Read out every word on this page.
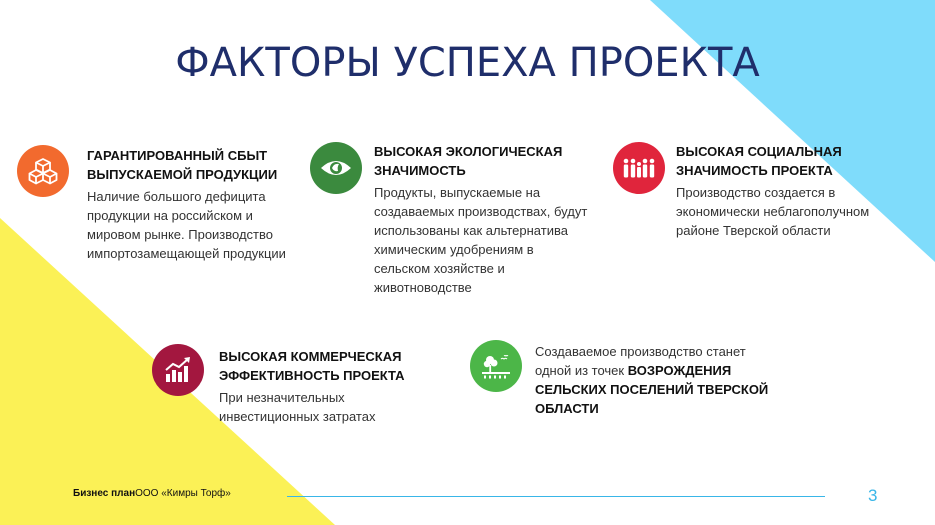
ФАКТОРЫ УСПЕХА ПРОЕКТА
ГАРАНТИРОВАННЫЙ СБЫТ
ВЫПУСКАЕМОЙ ПРОДУКЦИИ
Наличие большого дефицита
продукции на российском и
мировом рынке. Производство
импортозамещающей продукции
ВЫСОКАЯ ЭКОЛОГИЧЕСКАЯ
ЗНАЧИМОСТЬ
Продукты, выпускаемые на
создаваемых производствах, будут
использованы как альтернатива
химическим удобрениям в
сельском хозяйстве и
животноводстве
ВЫСОКАЯ СОЦИАЛЬНАЯ
ЗНАЧИМОСТЬ ПРОЕКТА
Производство создается в
экономически неблагополучном
районе Тверской области
ВЫСОКАЯ КОММЕРЧЕСКАЯ
ЭФФЕКТИВНОСТЬ ПРОЕКТА
При незначительных
инвестиционных затратах
Создаваемое производство станет
одной из точек ВОЗРОЖДЕНИЯ
СЕЛЬСКИХ ПОСЕЛЕНИЙ ТВЕРСКОЙ
ОБЛАСТИ
Бизнес планООО «Кимры Торф»	3
